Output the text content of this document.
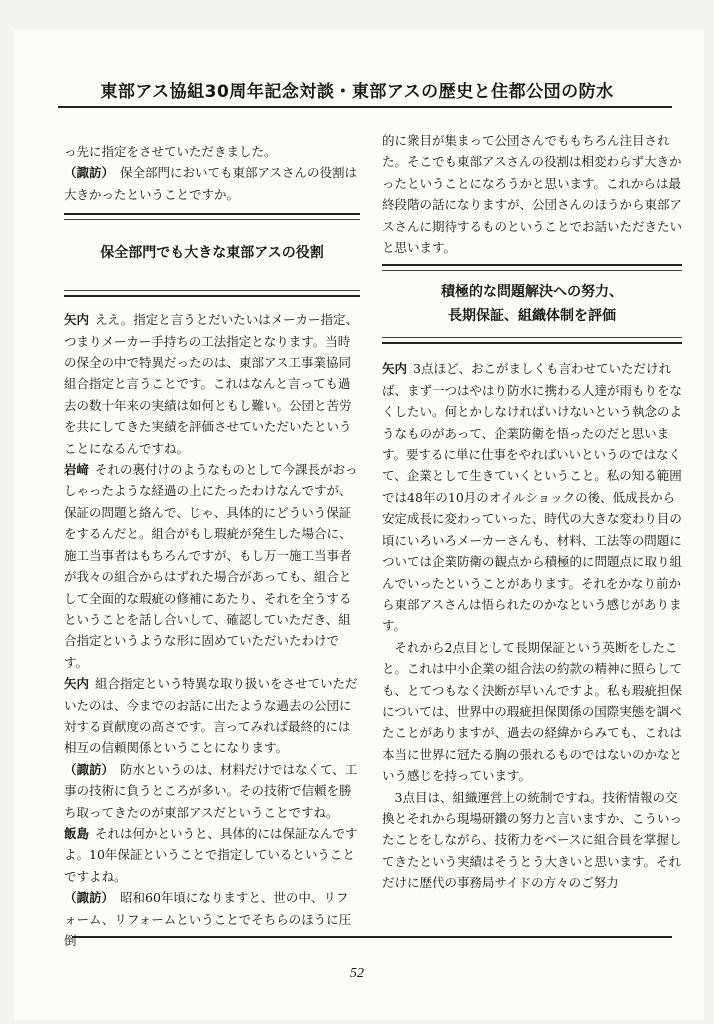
東部アス協組30周年記念対談・東部アスの歴史と住都公団の防水

っ先に指定をさせていただきました。

（諏訪） 保全部門においても東部アスさんの役割は大きかったということですか。

保全部門でも大きな東部アスの役割

矢内 ええ。指定と言うとだいたいはメーカー指定、つまりメーカー手持ちの工法指定となります。当時の保全の中で特異だったのは、東部アス工事業協同組合指定と言うことです。これはなんと言っても過去の数十年来の実績は如何ともし難い。公団と苦労を共にしてきた実績を評価させていただいたということになるんですね。

岩﨑 それの裏付けのようなものとして今課長がおっしゃったような経過の上にたったわけなんですが、保証の問題と絡んで、じゃ、具体的にどういう保証をするんだと。組合がもし瑕疵が発生した場合に、施工当事者はもちろんですが、もし万一施工当事者が我々の組合からはずれた場合があっても、組合として全面的な瑕疵の修補にあたり、それを全うするということを話し合いして、確認していただき、組合指定というような形に固めていただいたわけです。

矢内 組合指定という特異な取り扱いをさせていただいたのは、今までのお話に出たような過去の公団に対する貢献度の高さです。言ってみれば最終的には相互の信頼関係ということになります。

（諏訪） 防水というのは、材料だけではなくて、工事の技術に負うところが多い。その技術で信頼を勝ち取ってきたのが東部アスだということですね。

飯島 それは何かというと、具体的には保証なんですよ。10年保証ということで指定しているということですよね。

（諏訪） 昭和60年頃になりますと、世の中、リフォーム、リフォームということでそちらのほうに圧倒

的に衆目が集まって公団さんでももちろん注目された。そこでも東部アスさんの役割は相変わらず大きかったということになろうかと思います。これからは最終段階の話になりますが、公団さんのほうから東部アスさんに期待するものということでお話いただきたいと思います。

積極的な問題解決への努力、
長期保証、組織体制を評価

矢内 3点ほど、おこがましくも言わせていただければ、まず一つはやはり防水に携わる人達が雨もりをなくしたい。何とかしなければいけないという執念のようなものがあって、企業防衛を悟ったのだと思います。要するに単に仕事をやればいいというのではなくて、企業として生きていくということ。私の知る範囲では48年の10月のオイルショックの後、低成長から安定成長に変わっていった、時代の大きな変わり目の頃にいろいろメーカーさんも、材料、工法等の問題については企業防衛の観点から積極的に問題点に取り組んでいったということがあります。それをかなり前から東部アスさんは悟られたのかなという感じがあります。

それから2点目として長期保証という英断をしたこと。これは中小企業の組合法の約款の精神に照らしても、とてつもなく決断が早いんですよ。私も瑕疵担保については、世界中の瑕疵担保関係の国際実態を調べたことがありますが、過去の経緯からみても、これは本当に世界に冠たる胸の張れるものではないのかなという感じを持っています。

3点目は、組織運営上の統制ですね。技術情報の交換とそれから現場研鑽の努力と言いますか、こういったことをしながら、技術力をベースに組合員を掌握してきたという実績はそうとう大きいと思います。それだけに歴代の事務局サイドの方々のご努力

52
